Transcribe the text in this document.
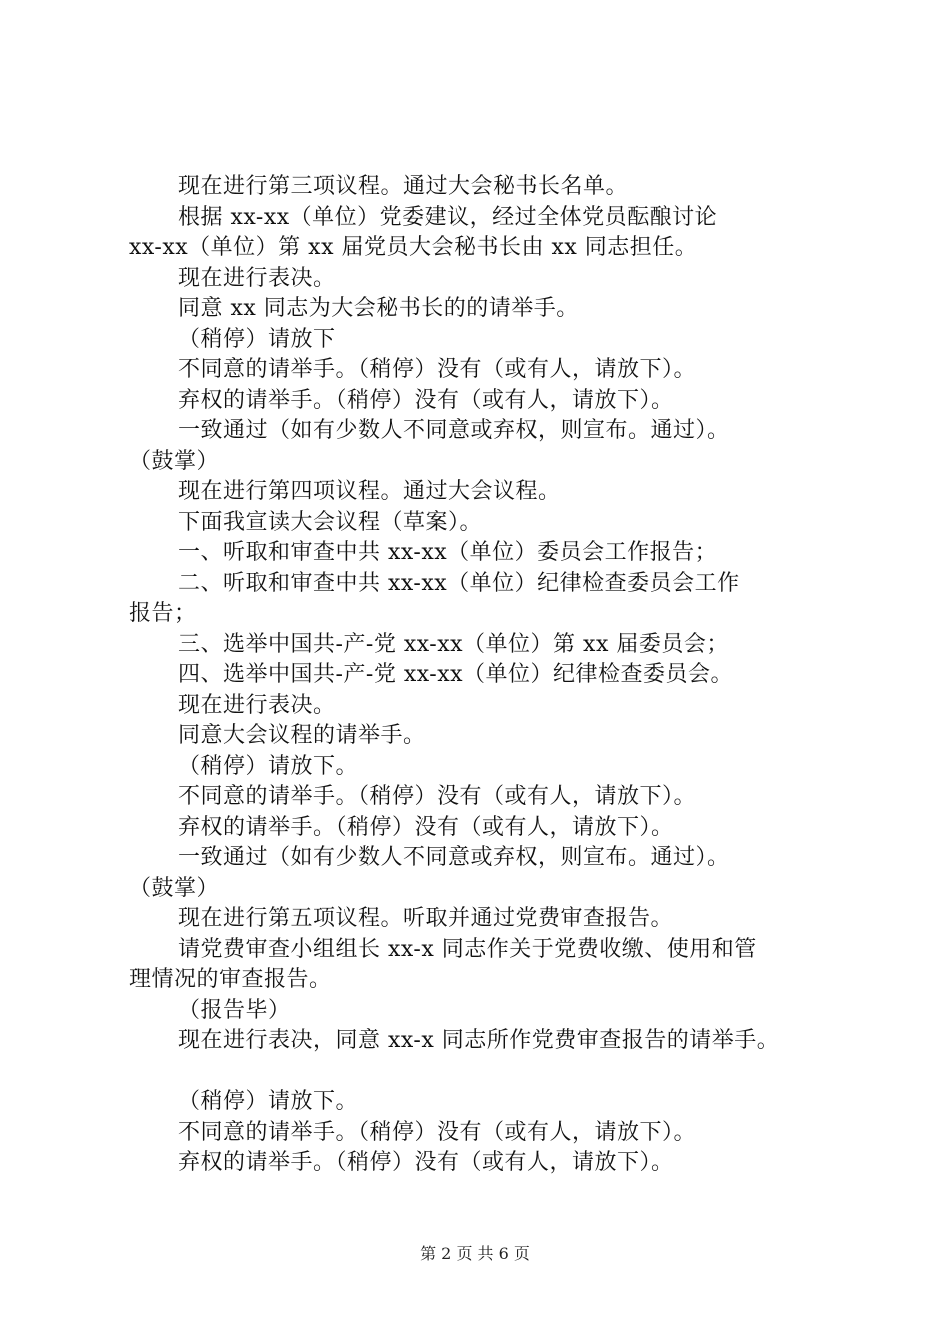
现在进行第三项议程。通过大会秘书长名单。
根据 xx-xx（单位）党委建议，经过全体党员酝酿讨论
xx-xx（单位）第 xx 届党员大会秘书长由 xx 同志担任。
现在进行表决。
同意 xx 同志为大会秘书长的的请举手。
（稍停）请放下
不同意的请举手。（稍停）没有（或有人，请放下）。
弃权的请举手。（稍停）没有（或有人，请放下）。
一致通过（如有少数人不同意或弃权，则宣布。通过）。
（鼓掌）
现在进行第四项议程。通过大会议程。
下面我宣读大会议程（草案）。
一、听取和审查中共 xx-xx（单位）委员会工作报告；
二、听取和审查中共 xx-xx（单位）纪律检查委员会工作
报告；
三、选举中国共-产-党 xx-xx（单位）第 xx 届委员会；
四、选举中国共-产-党 xx-xx（单位）纪律检查委员会。
现在进行表决。
同意大会议程的请举手。
（稍停）请放下。
不同意的请举手。（稍停）没有（或有人，请放下）。
弃权的请举手。（稍停）没有（或有人，请放下）。
一致通过（如有少数人不同意或弃权，则宣布。通过）。
（鼓掌）
现在进行第五项议程。听取并通过党费审查报告。
请党费审查小组组长 xx-x 同志作关于党费收缴、使用和管
理情况的审查报告。
（报告毕）
现在进行表决，同意 xx-x 同志所作党费审查报告的请举手。
（稍停）请放下。
不同意的请举手。（稍停）没有（或有人，请放下）。
弃权的请举手。（稍停）没有（或有人，请放下）。
第 2 页 共 6 页
